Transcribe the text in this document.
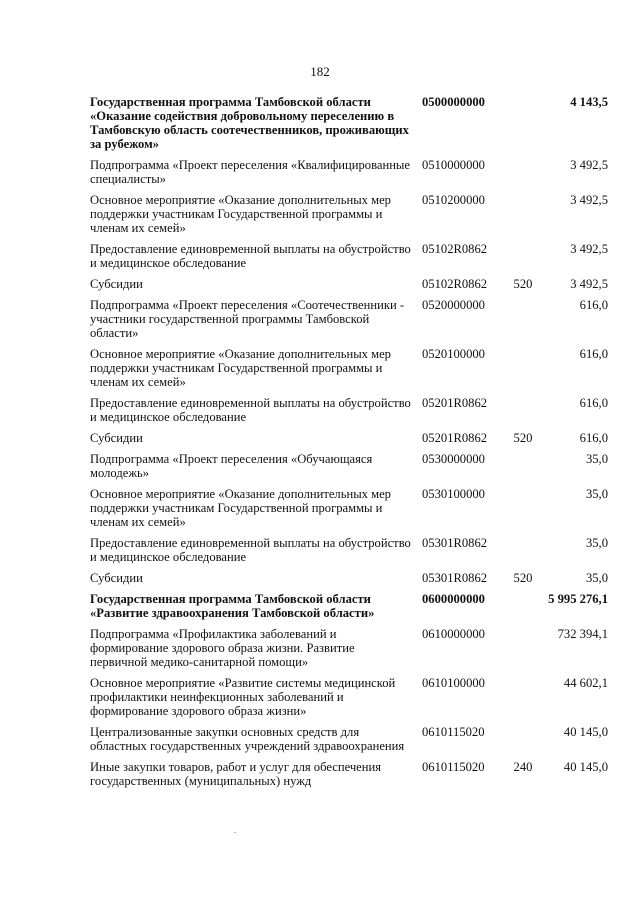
182
Государственная программа Тамбовской области «Оказание содействия добровольному переселению в Тамбовскую область соотечественников, проживающих за рубежом»	0500000000		4 143,5
Подпрограмма «Проект переселения «Квалифицированные специалисты»	0510000000		3 492,5
Основное мероприятие «Оказание дополнительных мер поддержки участникам Государственной программы и членам их семей»	0510200000		3 492,5
Предоставление единовременной выплаты на обустройство и медицинское обследование	05102R0862		3 492,5
Субсидии	05102R0862	520	3 492,5
Подпрограмма «Проект переселения «Соотечественники - участники государственной программы Тамбовской области»	0520000000		616,0
Основное мероприятие «Оказание дополнительных мер поддержки участникам Государственной программы и членам их семей»	0520100000		616,0
Предоставление единовременной выплаты на обустройство и медицинское обследование	05201R0862		616,0
Субсидии	05201R0862	520	616,0
Подпрограмма «Проект переселения «Обучающаяся молодежь»	0530000000		35,0
Основное мероприятие «Оказание дополнительных мер поддержки участникам Государственной программы и членам их семей»	0530100000		35,0
Предоставление единовременной выплаты на обустройство и медицинское обследование	05301R0862		35,0
Субсидии	05301R0862	520	35,0
Государственная программа Тамбовской области «Развитие здравоохранения Тамбовской области»	0600000000		5 995 276,1
Подпрограмма «Профилактика заболеваний и формирование здорового образа жизни. Развитие первичной медико-санитарной помощи»	0610000000		732 394,1
Основное мероприятие «Развитие системы медицинской профилактики неинфекционных заболеваний и формирование здорового образа жизни»	0610100000		44 602,1
Централизованные закупки основных средств для областных государственных учреждений здравоохранения	0610115020		40 145,0
Иные закупки товаров, работ и услуг для обеспечения государственных (муниципальных) нужд	0610115020	240	40 145,0
